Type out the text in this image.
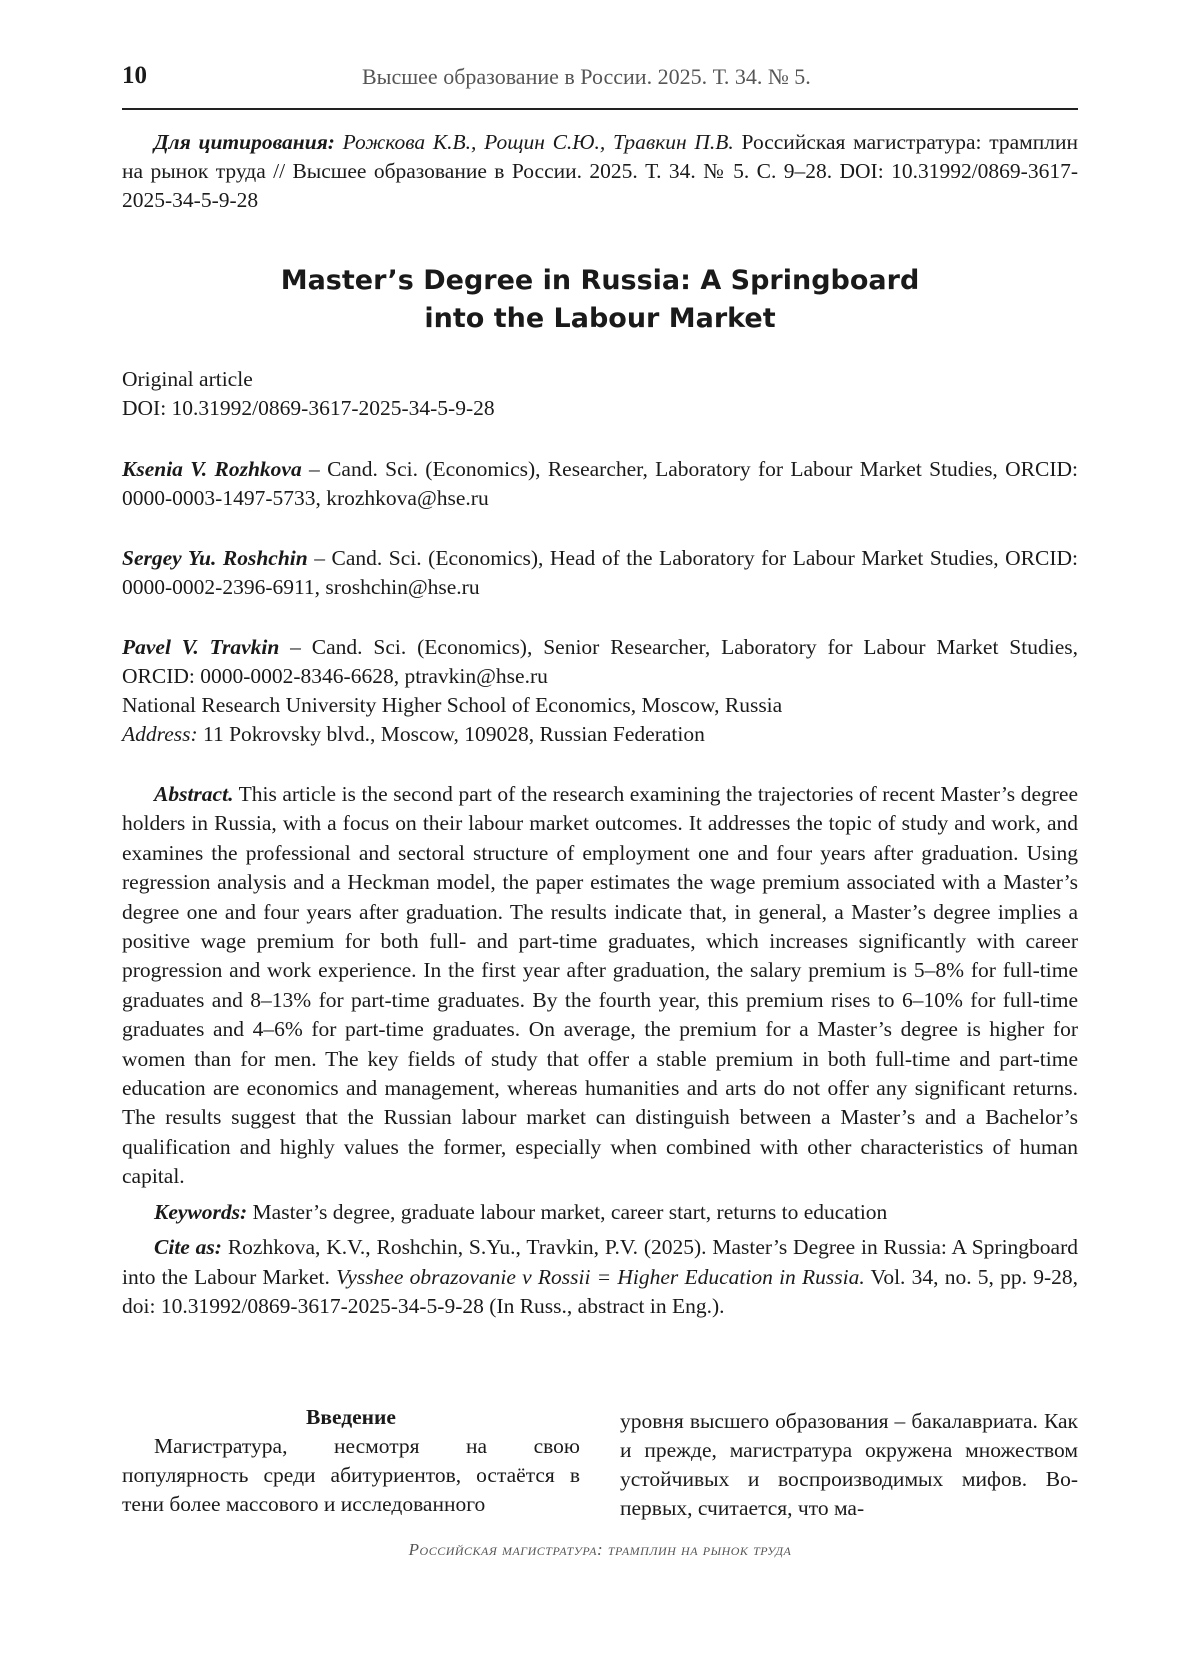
10	Высшее образование в России. 2025. Т. 34. № 5.
Для цитирования: Рожкова К.В., Рощин С.Ю., Травкин П.В. Российская магистратура: трамплин на рынок труда // Высшее образование в России. 2025. Т. 34. № 5. С. 9–28. DOI: 10.31992/0869-3617-2025-34-5-9-28
Master’s Degree in Russia: A Springboard
into the Labour Market

Original article

DOI: 10.31992/0869-3617-2025-34-5-9-28

Ksenia V. Rozhkova – Cand. Sci. (Economics), Researcher, Laboratory for Labour Market Studies, ORCID: 0000-0003-1497-5733, krozhkova@hse.ru

Sergey Yu. Roshchin – Cand. Sci. (Economics), Head of the Laboratory for Labour Market Studies, ORCID: 0000-0002-2396-6911, sroshchin@hse.ru

Pavel V. Travkin – Cand. Sci. (Economics), Senior Researcher, Laboratory for Labour Market Studies, ORCID: 0000-0002-8346-6628, ptravkin@hse.ru

National Research University Higher School of Economics, Moscow, Russia

Address: 11 Pokrovsky blvd., Moscow, 109028, Russian Federation

Abstract. This article is the second part of the research examining the trajectories of recent Master’s degree holders in Russia, with a focus on their labour market outcomes. It addresses the topic of study and work, and examines the professional and sectoral structure of employment one and four years after graduation. Using regression analysis and a Heckman model, the paper estimates the wage premium associated with a Master’s degree one and four years after graduation. The results indicate that, in general, a Master’s degree implies a positive wage premium for both full- and part-time graduates, which increases significantly with career progression and work experience. In the first year after graduation, the salary premium is 5–8% for full-time graduates and 8–13% for part-time graduates. By the fourth year, this premium rises to 6–10% for full-time graduates and 4–6% for part-time graduates. On average, the premium for a Master’s degree is higher for women than for men. The key fields of study that offer a stable premium in both full-time and part-time education are economics and management, whereas humanities and arts do not offer any significant returns. The results suggest that the Russian labour market can distinguish between a Master’s and a Bachelor’s qualification and highly values the former, especially when combined with other characteristics of human capital.

Keywords: Master’s degree, graduate labour market, career start, returns to education

Cite as: Rozhkova, K.V., Roshchin, S.Yu., Travkin, P.V. (2025). Master’s Degree in Russia: A Springboard into the Labour Market. Vysshee obrazovanie v Rossii = Higher Education in Russia. Vol. 34, no. 5, pp. 9-28, doi: 10.31992/0869-3617-2025-34-5-9-28 (In Russ., abstract in Eng.).

Введение

Магистратура, несмотря на свою популярность среди абитуриентов, остаётся в тени более массового и исследованного

уровня высшего образования – бакалавриата. Как и прежде, магистратура окружена множеством устойчивых и воспроизводимых мифов. Во-первых, считается, что ма-

Российская магистратура: трамплин на рынок труда
